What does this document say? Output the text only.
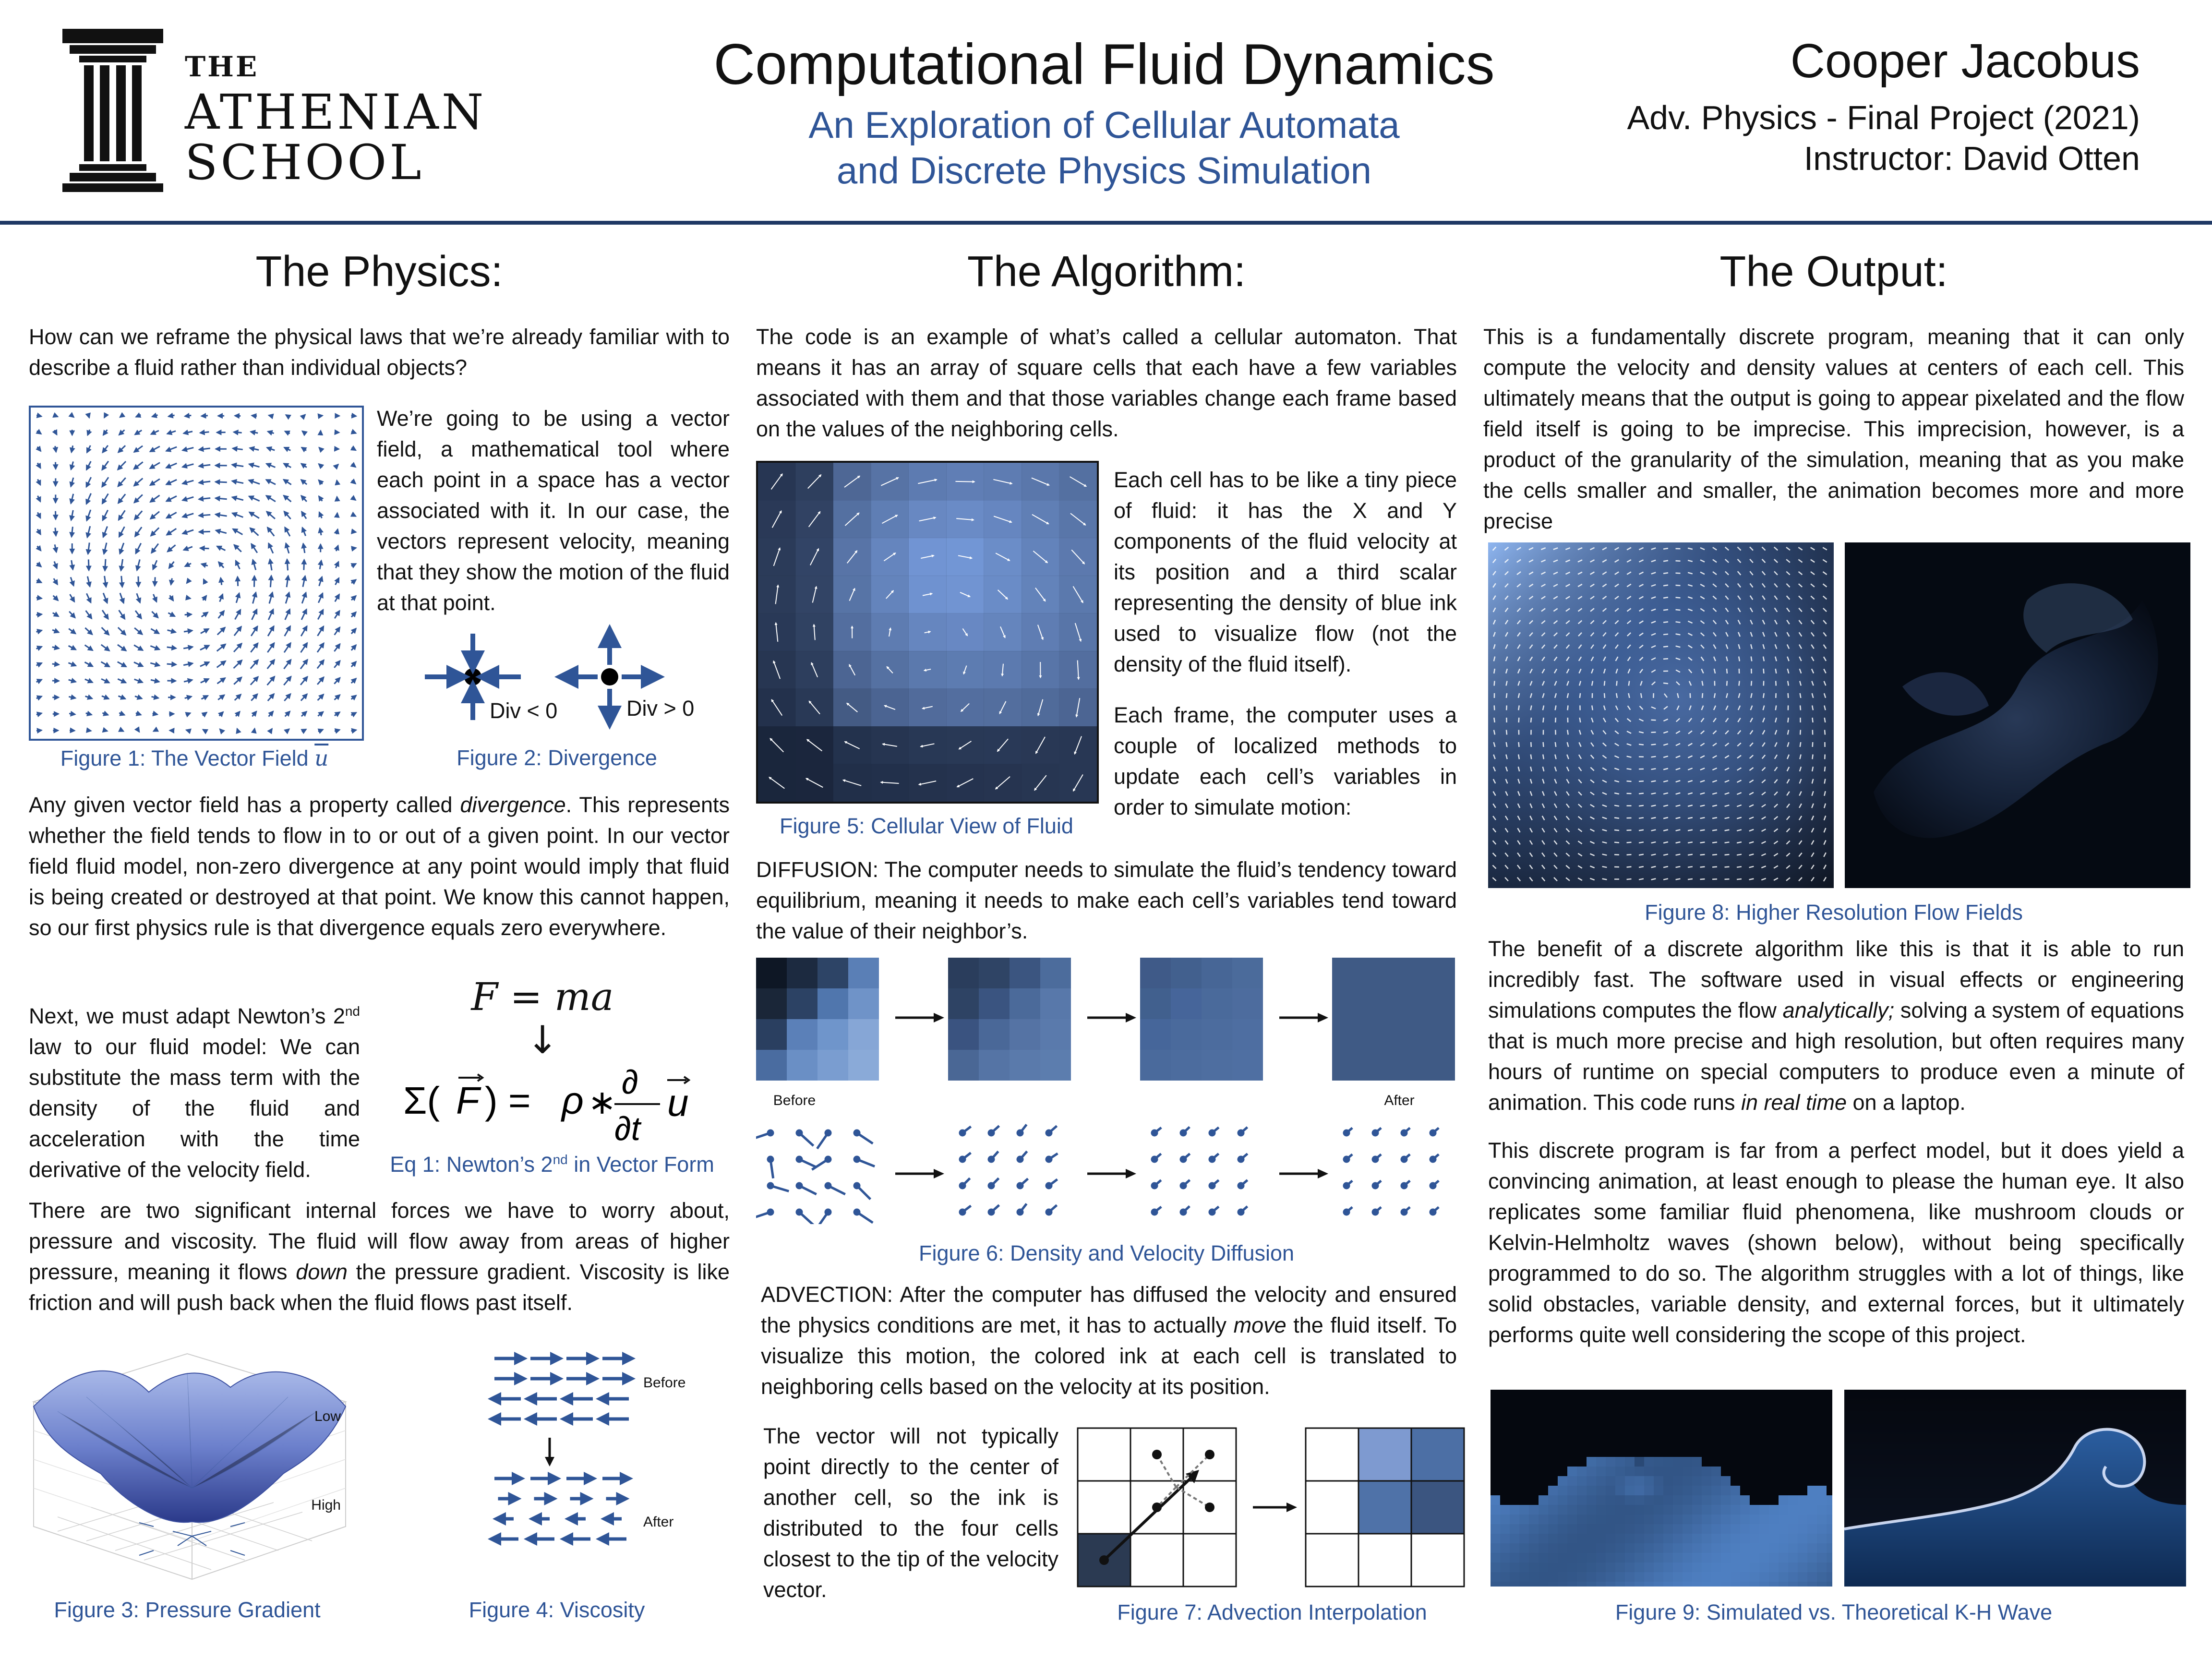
THE
ATHENIAN
SCHOOL
Computational Fluid Dynamics
An Exploration of Cellular Automata
and Discrete Physics Simulation
Cooper Jacobus
Adv. Physics - Final Project (2021)
Instructor: David Otten
The Physics:
How can we reframe the physical laws that we’re already familiar with to describe a fluid rather than individual objects?
Figure 1: The Vector Field $\overline{u}$
We’re going to be using a vector field, a mathematical tool where each point in a space has a vector associated with it. In our case, the vectors represent velocity, meaning that they show the motion of the fluid at that point.
Div < 0	Div > 0
Figure 2: Divergence
Any given vector field has a property called divergence. This represents whether the field tends to flow in to or out of a given point. In our vector field fluid model, non-zero divergence at any point would imply that fluid is being created or destroyed at that point. We know this cannot happen, so our first physics rule is that divergence equals zero everywhere.
Next, we must adapt Newton’s 2nd law to our fluid model: We can substitute the mass term with the density of the fluid and acceleration with the time derivative of the velocity field.
F = ma
↓
Σ( F ) = ρ ∗
∂
∂t
u
Eq 1: Newton’s 2nd in Vector Form
There are two significant internal forces we have to worry about, pressure and viscosity. The fluid will flow away from areas of higher pressure, meaning it flows down the pressure gradient. Viscosity is like friction and will push back when the fluid flows past itself.
Low
High
Figure 3: Pressure Gradient
Before
After
Figure 4: Viscosity
The Algorithm:
The code is an example of what’s called a cellular automaton. That means it has an array of square cells that each have a few variables associated with them and that those variables change each frame based on the values of the neighboring cells.
Figure 5: Cellular View of Fluid
Each cell has to be like a tiny piece of fluid: it has the X and Y components of the fluid velocity at its position and a third scalar representing the density of blue ink used to visualize flow (not the density of the fluid itself).
Each frame, the computer uses a couple of localized methods to update each cell’s variables in order to simulate motion:
DIFFUSION: The computer needs to simulate the fluid’s tendency toward equilibrium, meaning it needs to make each cell’s variables tend toward the value of their neighbor’s.
Before	After
Figure 6: Density and Velocity Diffusion
ADVECTION: After the computer has diffused the velocity and ensured the physics conditions are met, it has to actually move the fluid itself. To visualize this motion, the colored ink at each cell is translated to neighboring cells based on the velocity at its position.
The vector will not typically point directly to the center of another cell, so the ink is distributed to the four cells closest to the tip of the velocity vector.
Figure 7: Advection Interpolation
The Output:
This is a fundamentally discrete program, meaning that it can only compute the velocity and density values at centers of each cell. This ultimately means that the output is going to appear pixelated and the flow field itself is going to be imprecise. This imprecision, however, is a product of the granularity of the simulation, meaning that as you make the cells smaller and smaller, the animation becomes more and more precise
Figure 8: Higher Resolution Flow Fields
The benefit of a discrete algorithm like this is that it is able to run incredibly fast. The software used in visual effects or engineering simulations computes the flow analytically; solving a system of equations that is much more precise and high resolution, but often requires many hours of runtime on special computers to produce even a minute of animation. This code runs in real time on a laptop.
This discrete program is far from a perfect model, but it does yield a convincing animation, at least enough to please the human eye. It also replicates some familiar fluid phenomena, like mushroom clouds or Kelvin-Helmholtz waves (shown below), without being specifically programmed to do so. The algorithm struggles with a lot of things, like solid obstacles, variable density, and external forces, but it ultimately performs quite well considering the scope of this project.
Figure 9: Simulated vs. Theoretical K-H Wave
